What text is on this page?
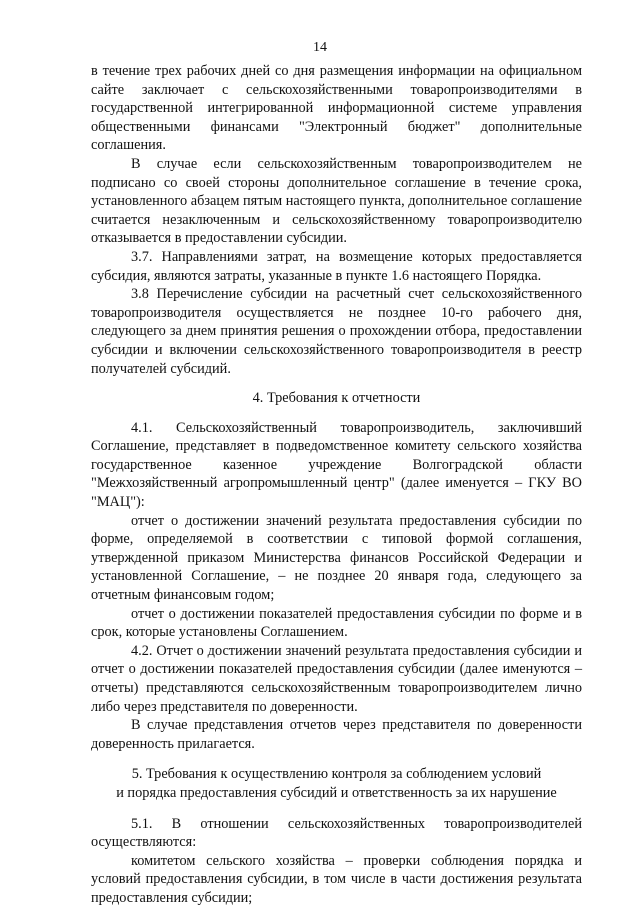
14

в течение трех рабочих дней со дня размещения информации на официальном сайте заключает с сельскохозяйственными товаропроизводителями в государственной интегрированной информационной системе управления общественными финансами "Электронный бюджет" дополнительные соглашения.

В случае если сельскохозяйственным товаропроизводителем не подписано со своей стороны дополнительное соглашение в течение срока, установленного абзацем пятым настоящего пункта, дополнительное соглашение считается незаключенным и сельскохозяйственному товаропроизводителю отказывается в предоставлении субсидии.

3.7. Направлениями затрат, на возмещение которых предоставляется субсидия, являются затраты, указанные в пункте 1.6 настоящего Порядка.

3.8 Перечисление субсидии на расчетный счет сельскохозяйственного товаропроизводителя осуществляется не позднее 10-го рабочего дня, следующего за днем принятия решения о прохождении отбора, предоставлении субсидии и включении сельскохозяйственного товаропроизводителя в реестр получателей субсидий.

4. Требования к отчетности

4.1. Сельскохозяйственный товаропроизводитель, заключивший Соглашение, представляет в подведомственное комитету сельского хозяйства государственное казенное учреждение Волгоградской области "Межхозяйственный агропромышленный центр" (далее именуется – ГКУ ВО "МАЦ"):

отчет о достижении значений результата предоставления субсидии по форме, определяемой в соответствии с типовой формой соглашения, утвержденной приказом Министерства финансов Российской Федерации и установленной Соглашение, – не позднее 20 января года, следующего за отчетным финансовым годом;

отчет о достижении показателей предоставления субсидии по форме и в срок, которые установлены Соглашением.

4.2. Отчет о достижении значений результата предоставления субсидии и отчет о достижении показателей предоставления субсидии (далее именуются – отчеты) представляются сельскохозяйственным товаропроизводителем лично либо через представителя по доверенности.

В случае представления отчетов через представителя по доверенности доверенность прилагается.

5. Требования к осуществлению контроля за соблюдением условий

и порядка предоставления субсидий и ответственность за их нарушение

5.1. В отношении сельскохозяйственных товаропроизводителей осуществляются:

комитетом сельского хозяйства – проверки соблюдения порядка и условий предоставления субсидии, в том числе в части достижения результата предоставления субсидии;
